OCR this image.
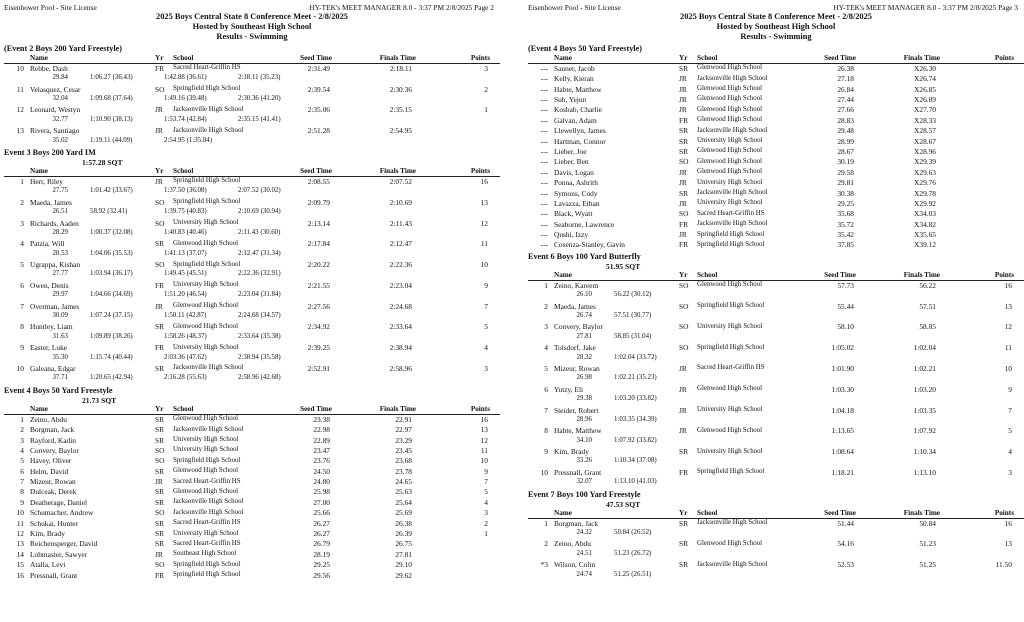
Eisenhower Pool - Site License	HY-TEK's MEET MANAGER 8.0 - 3:37 PM 2/8/2025 Page 2
2025 Boys Central State 8 Conference Meet - 2/8/2025
Hosted by Southeast High School
Results - Swimming
(Event 2 Boys 200 Yard Freestyle)
Name	Yr School	Seed Time	Finals Time	Points
10 Rebbe, Dash	FR Sacred Heart-Griffin HS	2:31.49	2:18.11	3
29.84	1:06.27 (36.43)	1:42.88 (36.61)	2:18.11 (35.23)
11 Velasquez, Cesar	SO Springfield High School	2:39.54	2:30.36	2
32.04	1:09.68 (37.64)	1:49.16 (39.48)	2:30.36 (41.20)
12 Leonard, Westyn	JR Jacksonville High School	2:35.06	2:35.15	1
32.77	1:10.90 (38.13)	1:53.74 (42.84)	2:35.15 (41.41)
13 Rivera, Santiago	JR Jacksonville High School	2:51.28	2:54.95
35.02	1:19.11 (44.09)	2:54.95 (1:35.84)
Event 3 Boys 200 Yard IM
1:57.28 SQT
Name	Yr School	Seed Time	Finals Time	Points
1 Herr, Riley	JR Springfield High School	2:08.55	2:07.52	16
27.75	1:01.42 (33.67)	1:37.50 (36.08)	2:07.52 (30.02)
2 Maeda, James	SO Springfield High School	2:09.79	2:10.69	13
26.51	58.92 (32.41)	1:39.75 (40.83)	2:10.69 (30.94)
3 Richards, Aaden	SO University High School	2:13.14	2:11.43	12
28.29	1:00.37 (32.08)	1:40.83 (40.46)	2:11.43 (30.60)
4 Patzia, Will	SR Glenwood High School	2:17.84	2:12.47	11
28.53	1:04.06 (35.53)	1:41.13 (37.07)	2:12.47 (31.34)
5 Ugrappa, Kishan	SO Springfield High School	2:20.22	2:22.36	10
27.77	1:03.94 (36.17)	1:49.45 (45.51)	2:22.36 (32.91)
6 Owen, Denis	FR University High School	2:21.55	2:23.04	9
29.97	1:04.66 (34.69)	1:51.20 (46.54)	2:23.04 (31.84)
7 Overman, James	JR Glenwood High School	2:27.56	2:24.68	7
30.09	1:07.24 (37.15)	1:50.11 (42.87)	2:24.68 (34.57)
8 Huntley, Liam	SR Glenwood High School	2:34.92	2:33.64	5
31.63	1:09.89 (38.26)	1:58.26 (48.37)	2:33.64 (35.38)
9 Easter, Luke	FR University High School	2:39.25	2:38.94	4
35.30	1:15.74 (40.44)	2:03.36 (47.62)	2:38.94 (35.58)
10 Galeana, Edgar	SR Jacksonville High School	2:52.91	2:58.96	3
37.71	1:20.65 (42.94)	2:16.28 (55.63)	2:58.96 (42.68)
Event 4 Boys 50 Yard Freestyle
21.73 SQT
Name	Yr School	Seed Time	Finals Time	Points
1 Zeino, Abdu	SR Glenwood High School	23.38	22.91	16
2 Borgman, Jack	SR Jacksonville High School	22.98	22.97	13
3 Rayford, Kadin	SR University High School	22.89	23.29	12
4 Convery, Baylor	SO University High School	23.47	23.45	11
5 Havey, Oliver	SO Springfield High School	23.76	23.68	10
6 Helm, David	SR Glenwood High School	24.50	23.78	9
7 Mizeur, Rowan	JR Sacred Heart-Griffin HS	24.80	24.65	7
8 Dulceak, Derek	SR Glenwood High School	25.98	25.63	5
9 Deatherage, Daniel	SR Jacksonville High School	27.00	25.64	4
10 Schumacher, Andrew	SO Jacksonville High School	25.66	25.69	3
11 Schukai, Hunter	SR Sacred Heart-Griffin HS	26.27	26.38	2
12 Kim, Brady	SR University High School	26.27	26.39	1
13 Reichensperger, David	SR Sacred Heart-Griffin HS	26.79	26.75
14 Lobmaster, Sawyer	JR Southeast High School	28.19	27.81
15 Atalla, Levi	SO Springfield High School	29.25	29.10
16 Pressnall, Grant	FR Springfield High School	29.56	29.62
Eisenhower Pool - Site License	HY-TEK's MEET MANAGER 8.0 - 3:37 PM 2/8/2025 Page 3
2025 Boys Central State 8 Conference Meet - 2/8/2025
Hosted by Southeast High School
Results - Swimming
(Event 4 Boys 50 Yard Freestyle)
Name	Yr School	Seed Time	Finals Time	Points
--- Sanner, Jacob	SR Glenwood High School	26.38	X26.30
--- Kelly, Kieran	JR Jacksonville High School	27.18	X26.74
--- Habte, Matthew	JR Glenwood High School	26.84	X26.85
--- Suh, Yejun	JR Glenwood High School	27.44	X26.89
--- Kosbab, Charlie	JR Glenwood High School	27.66	X27.70
--- Galvan, Adam	FR Glenwood High School	28.83	X28.33
--- Llewellyn, James	SR Jacksonville High School	29.48	X28.57
--- Hartman, Connor	SR University High School	28.99	X28.67
--- Lieber, Joe	SR Glenwood High School	28.67	X28.96
--- Lieber, Ben	SO Glenwood High School	30.19	X29.39
--- Davis, Logan	JR Glenwood High School	29.58	X29.63
--- Ponna, Ashrith	JR University High School	29.81	X29.76
--- Symons, Cody	SR Jacksonville High School	30.38	X29.78
--- Lavazza, Ethan	JR University High School	29.25	X29.92
--- Black, Wyatt	SO Sacred Heart-Griffin HS	35.68	X34.03
--- Seaborne, Lawrence	FR Jacksonville High School	35.72	X34.82
--- Qushi, Izzy	JR Springfield High School	35.42	X35.65
--- Cosenza-Stanley, Gavin	FR Springfield High School	37.85	X39.12
Event 6 Boys 100 Yard Butterfly
51.95 SQT
Name	Yr School	Seed Time	Finals Time	Points
1 Zeino, Kareem	SO Glenwood High School	57.73	56.22	16
26.10	56.22 (30.12)
2 Maeda, James	SO Springfield High School	55.44	57.51	13
26.74	57.51 (30.77)
3 Convery, Baylor	SO University High School	58.10	58.85	12
27.81	58.85 (31.04)
4 Tolsdorf, Jake	SO Springfield High School	1:05.02	1:02.04	11
28.32	1:02.04 (33.72)
5 Mizeur, Rowan	JR Sacred Heart-Griffin HS	1:01.90	1:02.21	10
26.98	1:02.21 (35.23)
6 Yutzy, Eli	JR Glenwood High School	1:03.30	1:03.20	9
29.38	1:03.20 (33.82)
7 Steider, Robert	JR University High School	1:04.18	1:03.35	7
28.96	1:03.35 (34.39)
8 Habte, Matthew	JR Glenwood High School	1:13.65	1:07.92	5
34.10	1:07.92 (33.82)
9 Kim, Brady	SR University High School	1:08.64	1:10.34	4
33.26	1:10.34 (37.08)
10 Pressnall, Grant	FR Springfield High School	1:18.21	1:13.10	3
32.07	1:13.10 (41.03)
Event 7 Boys 100 Yard Freestyle
47.53 SQT
Name	Yr School	Seed Time	Finals Time	Points
1 Borgman, Jack	SR Jacksonville High School	51.44	50.84	16
24.32	50.84 (26.52)
2 Zeino, Abdu	SR Glenwood High School	54.16	51.23	13
24.51	51.23 (26.72)
*3 Wilson, Colin	SR Jacksonville High School	52.53	51.25	11.50
24.74	51.25 (26.51)
